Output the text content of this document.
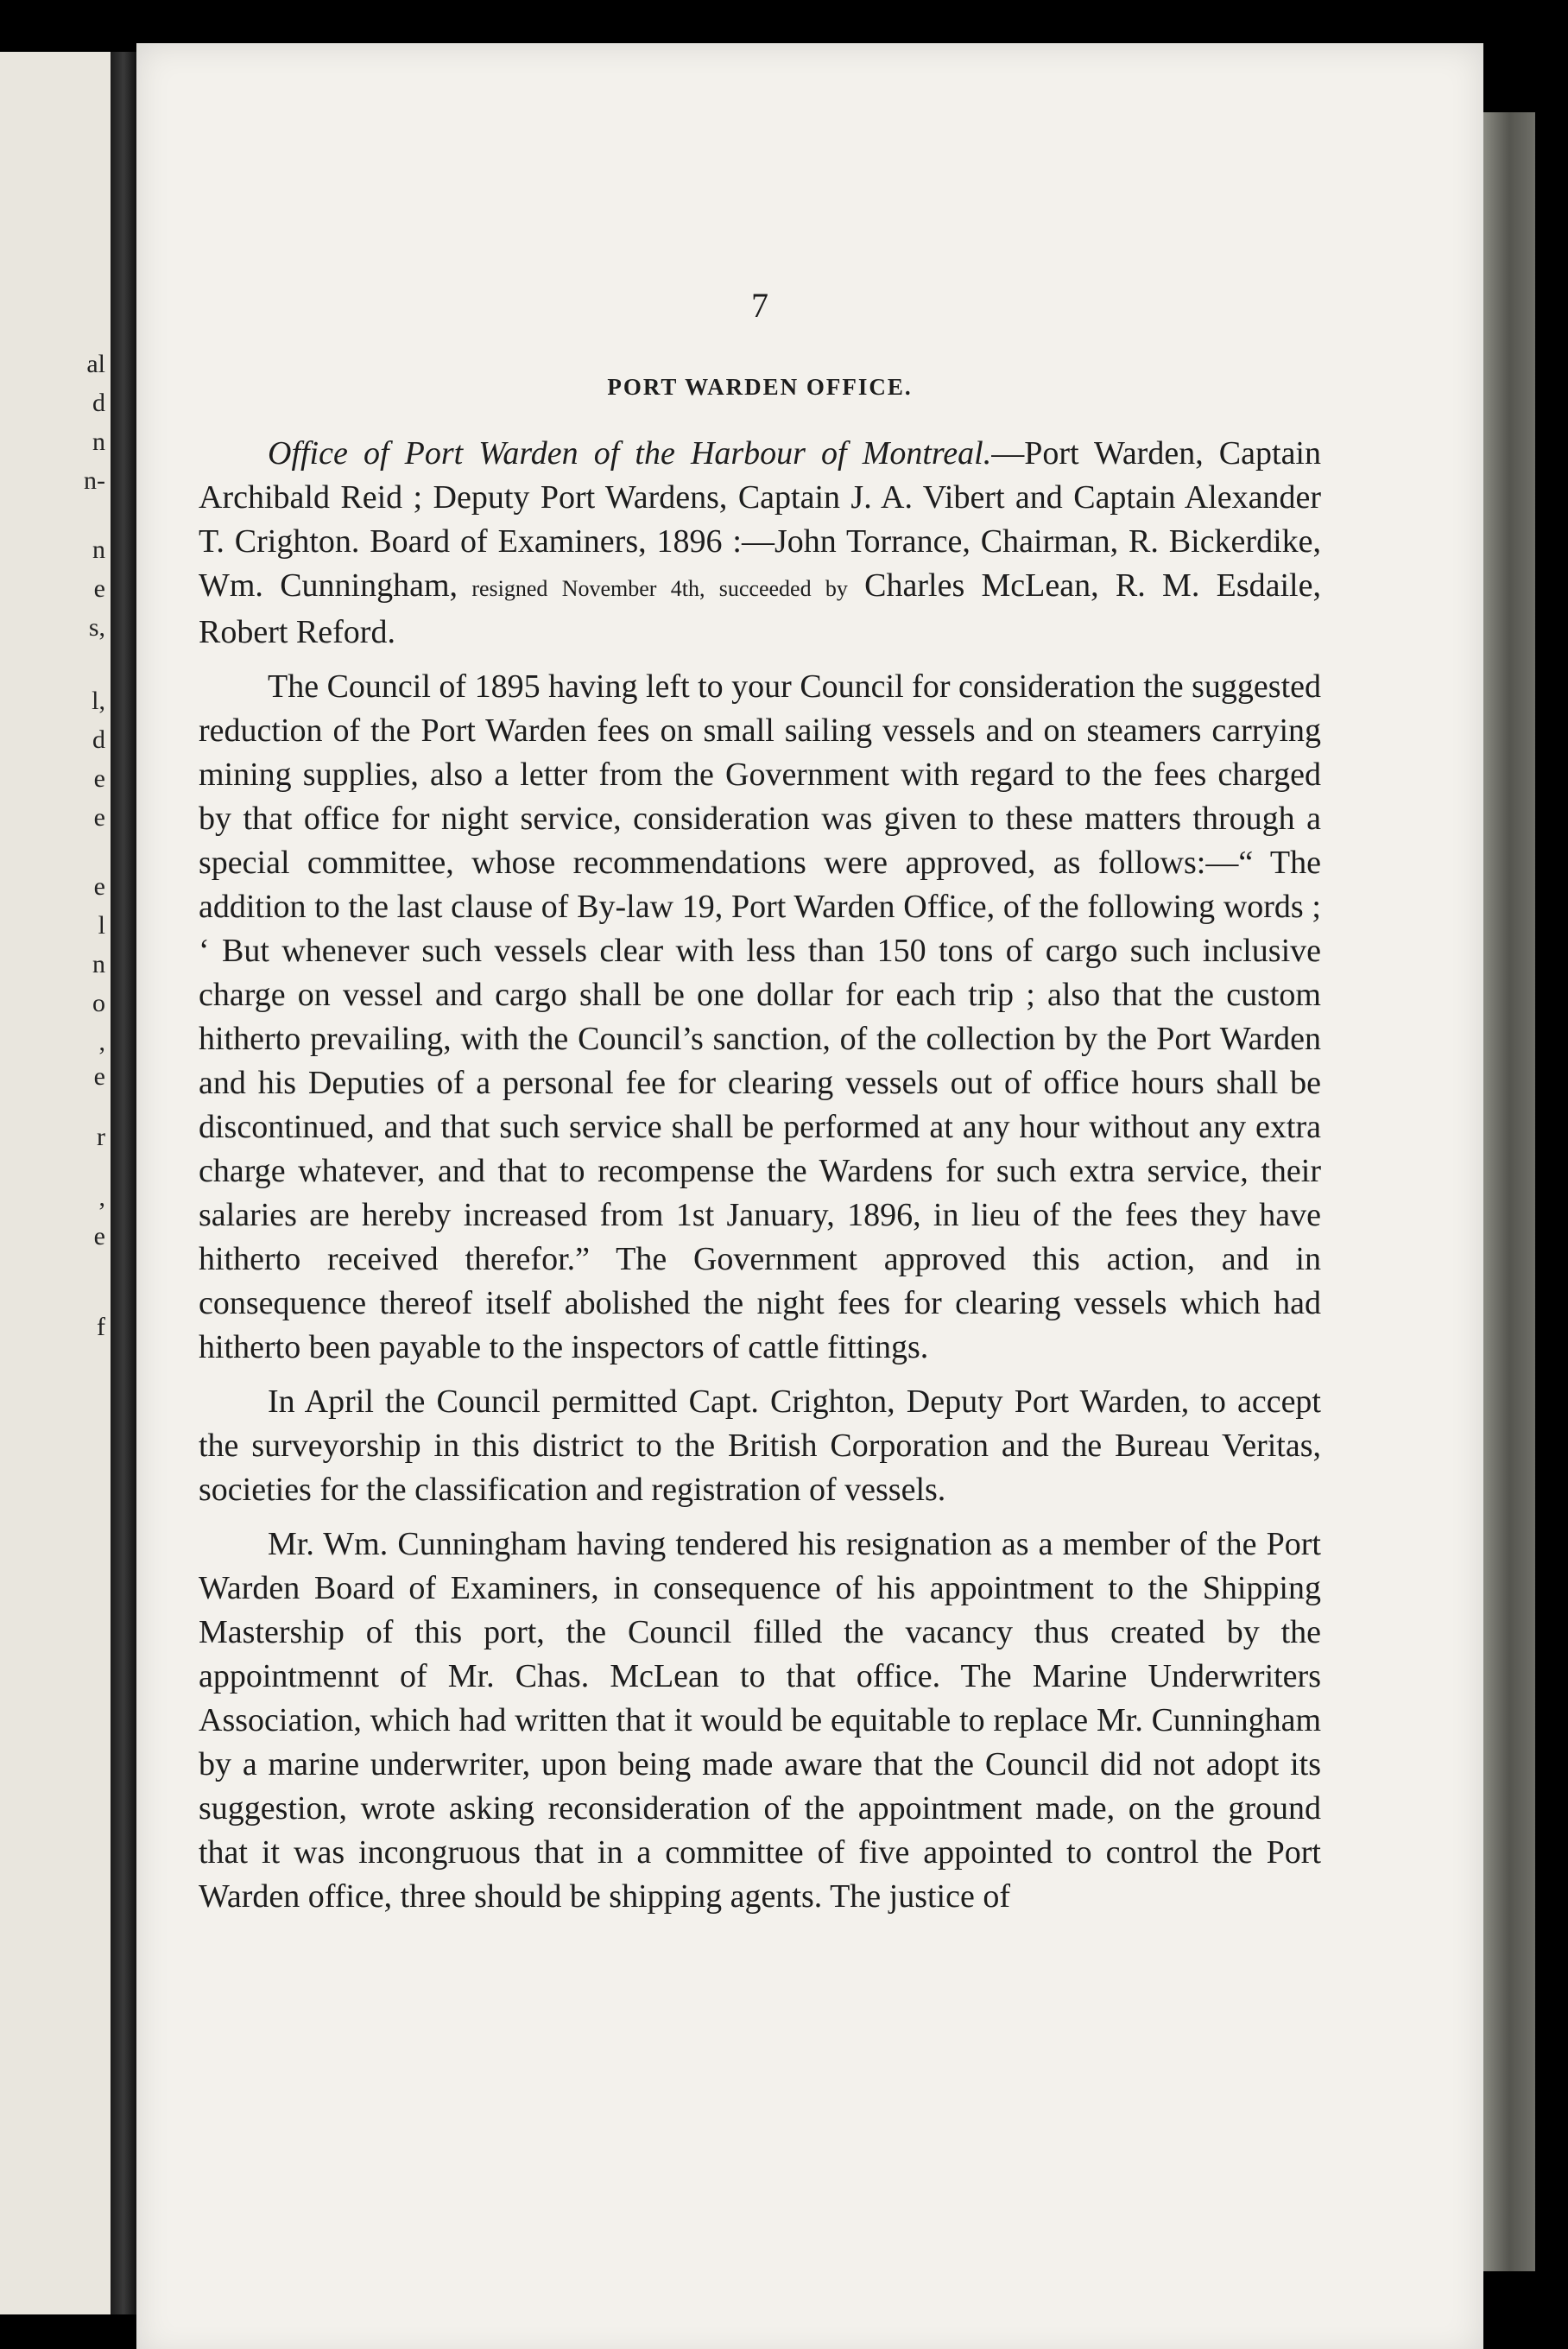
al

d

n

n-

n

e

s,

l,

d

e

e

e

l

n

o

,

e

r

,

e

f

7
PORT WARDEN OFFICE.

Office of Port Warden of the Harbour of Montreal.—Port Warden, Captain Archibald Reid ; Deputy Port Wardens, Captain J. A. Vibert and Captain Alexander T. Crighton. Board of Examiners, 1896 :—John Torrance, Chairman, R. Bickerdike, Wm. Cunningham, resigned November 4th, succeeded by Charles McLean, R. M. Esdaile, Robert Reford.

The Council of 1895 having left to your Council for consideration the suggested reduction of the Port Warden fees on small sailing vessels and on steamers carrying mining supplies, also a letter from the Government with regard to the fees charged by that office for night service, consideration was given to these matters through a special committee, whose recommendations were approved, as follows:—“ The addition to the last clause of By-law 19, Port Warden Office, of the following words ; ‘ But whenever such vessels clear with less than 150 tons of cargo such inclusive charge on vessel and cargo shall be one dollar for each trip ; also that the custom hitherto prevailing, with the Council’s sanction, of the collection by the Port Warden and his Deputies of a personal fee for clearing vessels out of office hours shall be discontinued, and that such service shall be performed at any hour without any extra charge whatever, and that to recompense the Wardens for such extra service, their salaries are hereby increased from 1st January, 1896, in lieu of the fees they have hitherto received therefor.” The Government approved this action, and in consequence thereof itself abolished the night fees for clearing vessels which had hitherto been payable to the inspectors of cattle fittings.

In April the Council permitted Capt. Crighton, Deputy Port Warden, to accept the surveyorship in this district to the British Corporation and the Bureau Veritas, societies for the classification and registration of vessels.

Mr. Wm. Cunningham having tendered his resignation as a member of the Port Warden Board of Examiners, in consequence of his appointment to the Shipping Mastership of this port, the Council filled the vacancy thus created by the appointmennt of Mr. Chas. McLean to that office. The Marine Underwriters Association, which had written that it would be equitable to replace Mr. Cunningham by a marine underwriter, upon being made aware that the Council did not adopt its suggestion, wrote asking reconsideration of the appointment made, on the ground that it was incongruous that in a committee of five appointed to control the Port Warden office, three should be shipping agents. The justice of
